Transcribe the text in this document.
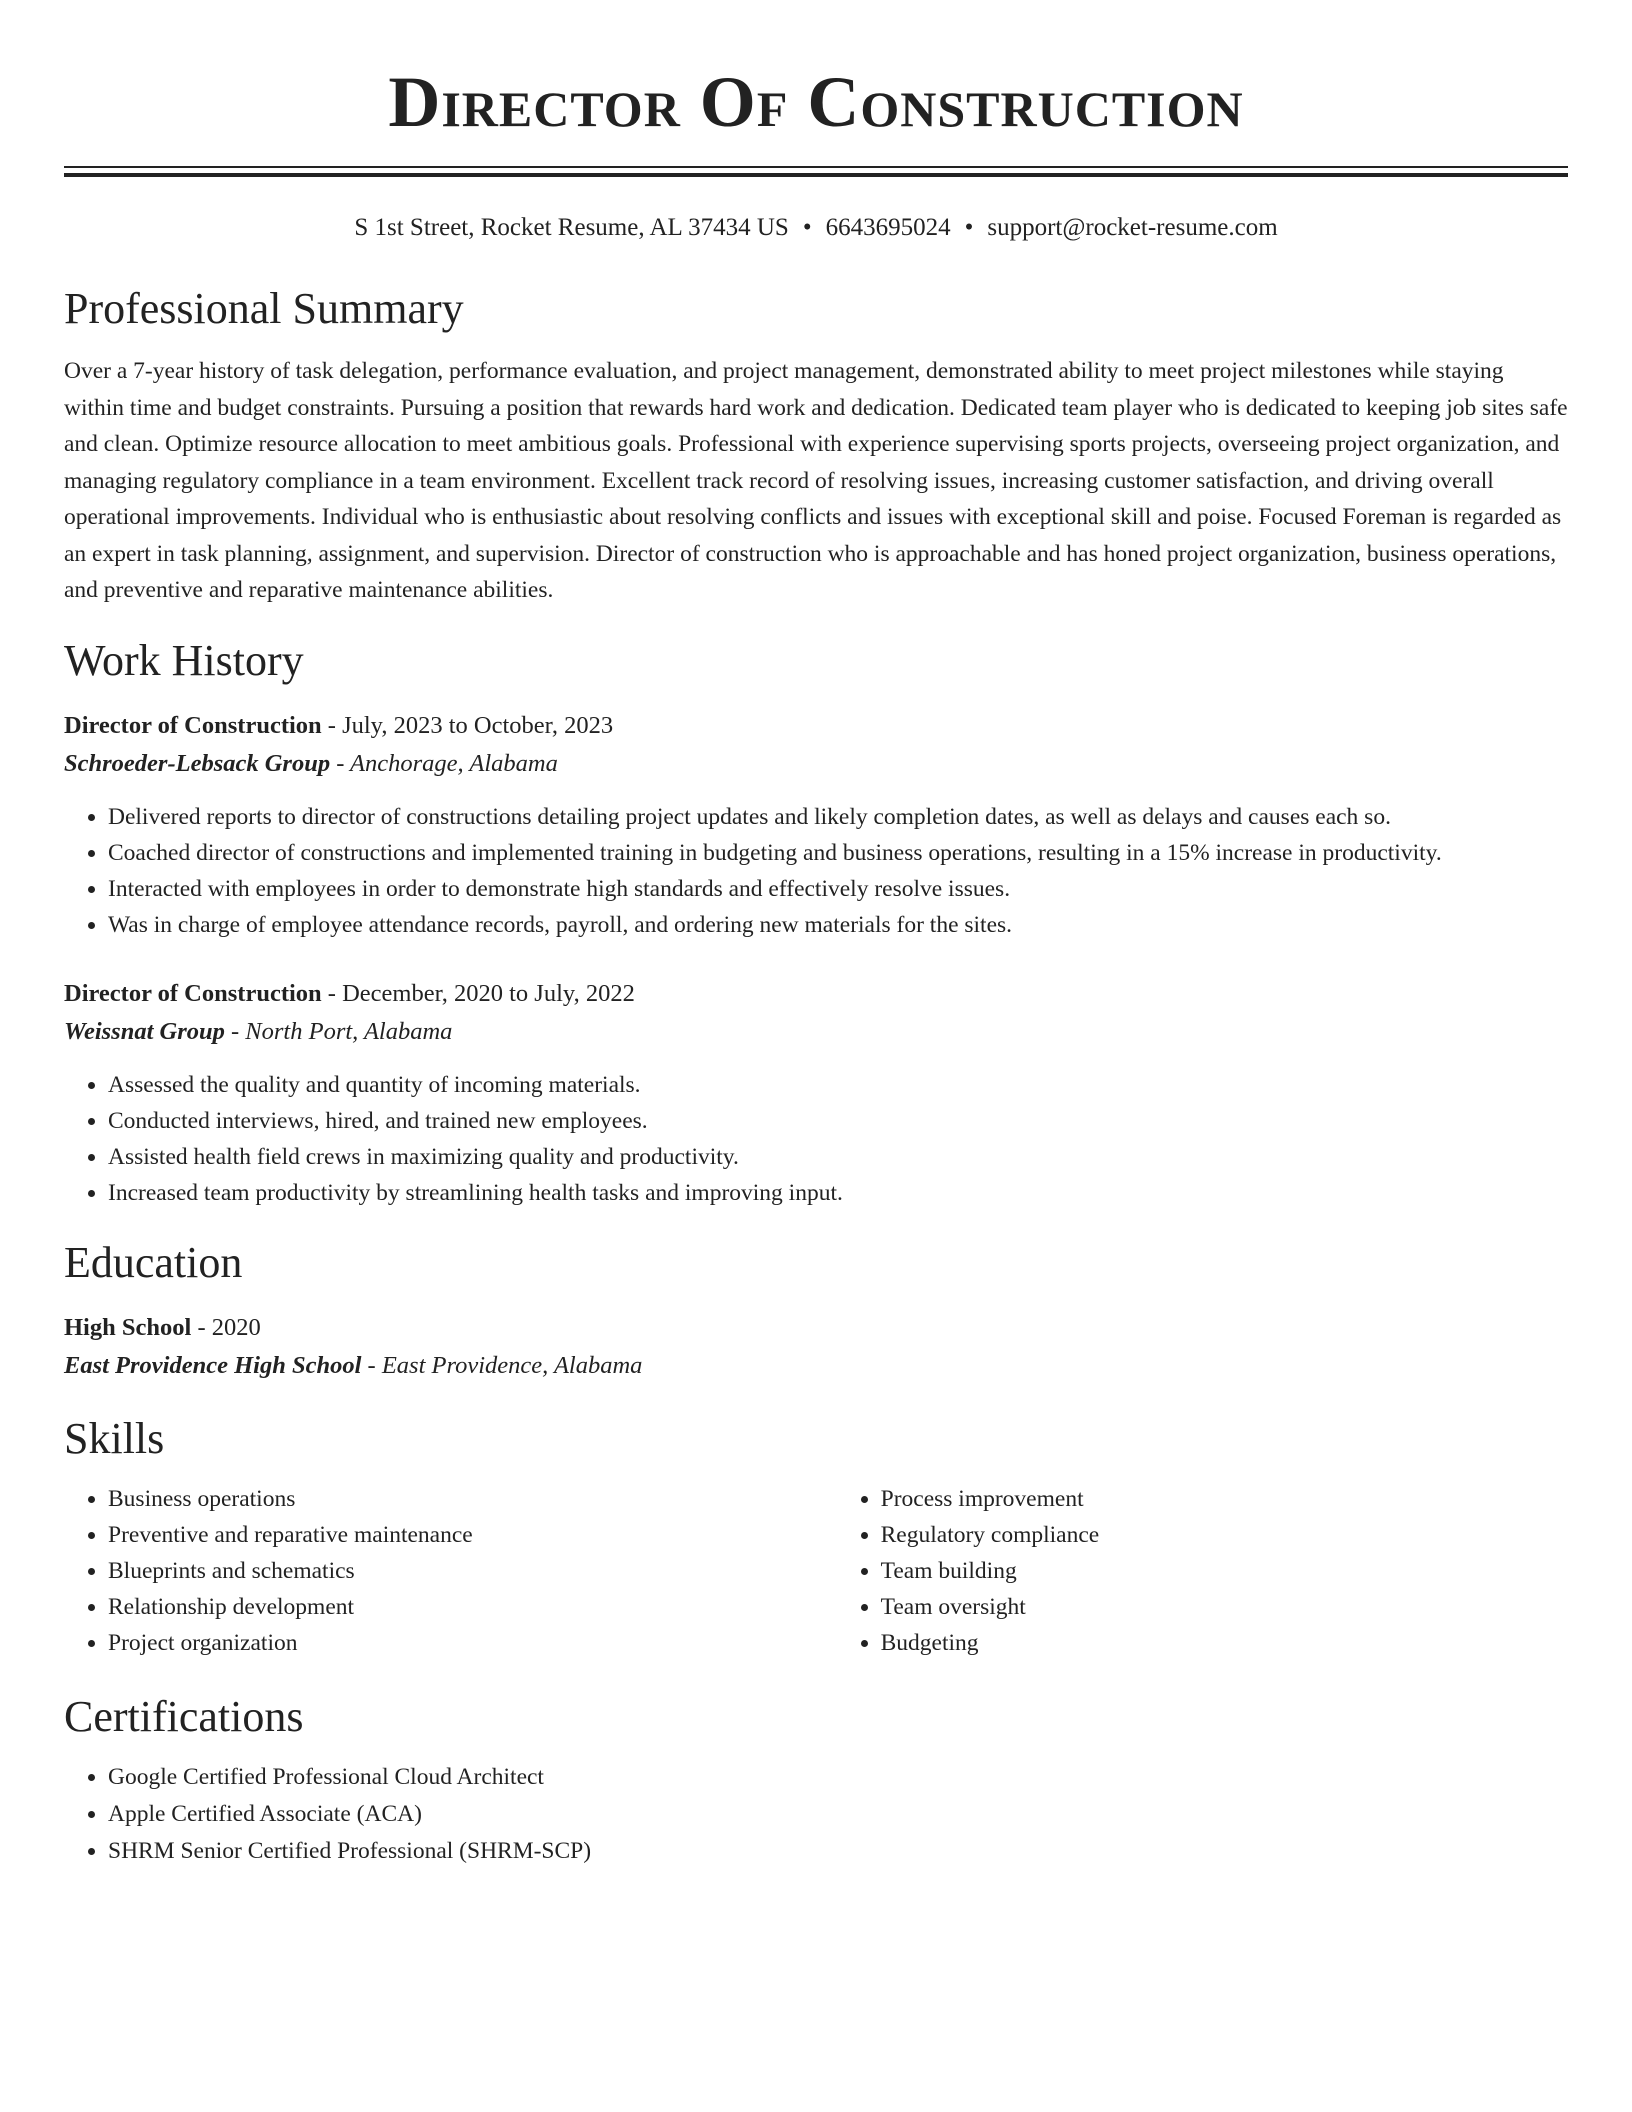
Director Of Construction
S 1st Street, Rocket Resume, AL 37434 US • 6643695024 • support@rocket-resume.com
Professional Summary
Over a 7-year history of task delegation, performance evaluation, and project management, demonstrated ability to meet project milestones while staying within time and budget constraints. Pursuing a position that rewards hard work and dedication. Dedicated team player who is dedicated to keeping job sites safe and clean. Optimize resource allocation to meet ambitious goals. Professional with experience supervising sports projects, overseeing project organization, and managing regulatory compliance in a team environment. Excellent track record of resolving issues, increasing customer satisfaction, and driving overall operational improvements. Individual who is enthusiastic about resolving conflicts and issues with exceptional skill and poise. Focused Foreman is regarded as an expert in task planning, assignment, and supervision. Director of construction who is approachable and has honed project organization, business operations, and preventive and reparative maintenance abilities.
Work History
Director of Construction - July, 2023 to October, 2023
Schroeder-Lebsack Group - Anchorage, Alabama
• Delivered reports to director of constructions detailing project updates and likely completion dates, as well as delays and causes each so.
• Coached director of constructions and implemented training in budgeting and business operations, resulting in a 15% increase in productivity.
• Interacted with employees in order to demonstrate high standards and effectively resolve issues.
• Was in charge of employee attendance records, payroll, and ordering new materials for the sites.
Director of Construction - December, 2020 to July, 2022
Weissnat Group - North Port, Alabama
• Assessed the quality and quantity of incoming materials.
• Conducted interviews, hired, and trained new employees.
• Assisted health field crews in maximizing quality and productivity.
• Increased team productivity by streamlining health tasks and improving input.
Education
High School - 2020
East Providence High School - East Providence, Alabama
Skills
• Business operations
• Preventive and reparative maintenance
• Blueprints and schematics
• Relationship development
• Project organization
• Process improvement
• Regulatory compliance
• Team building
• Team oversight
• Budgeting
Certifications
• Google Certified Professional Cloud Architect
• Apple Certified Associate (ACA)
• SHRM Senior Certified Professional (SHRM-SCP)
